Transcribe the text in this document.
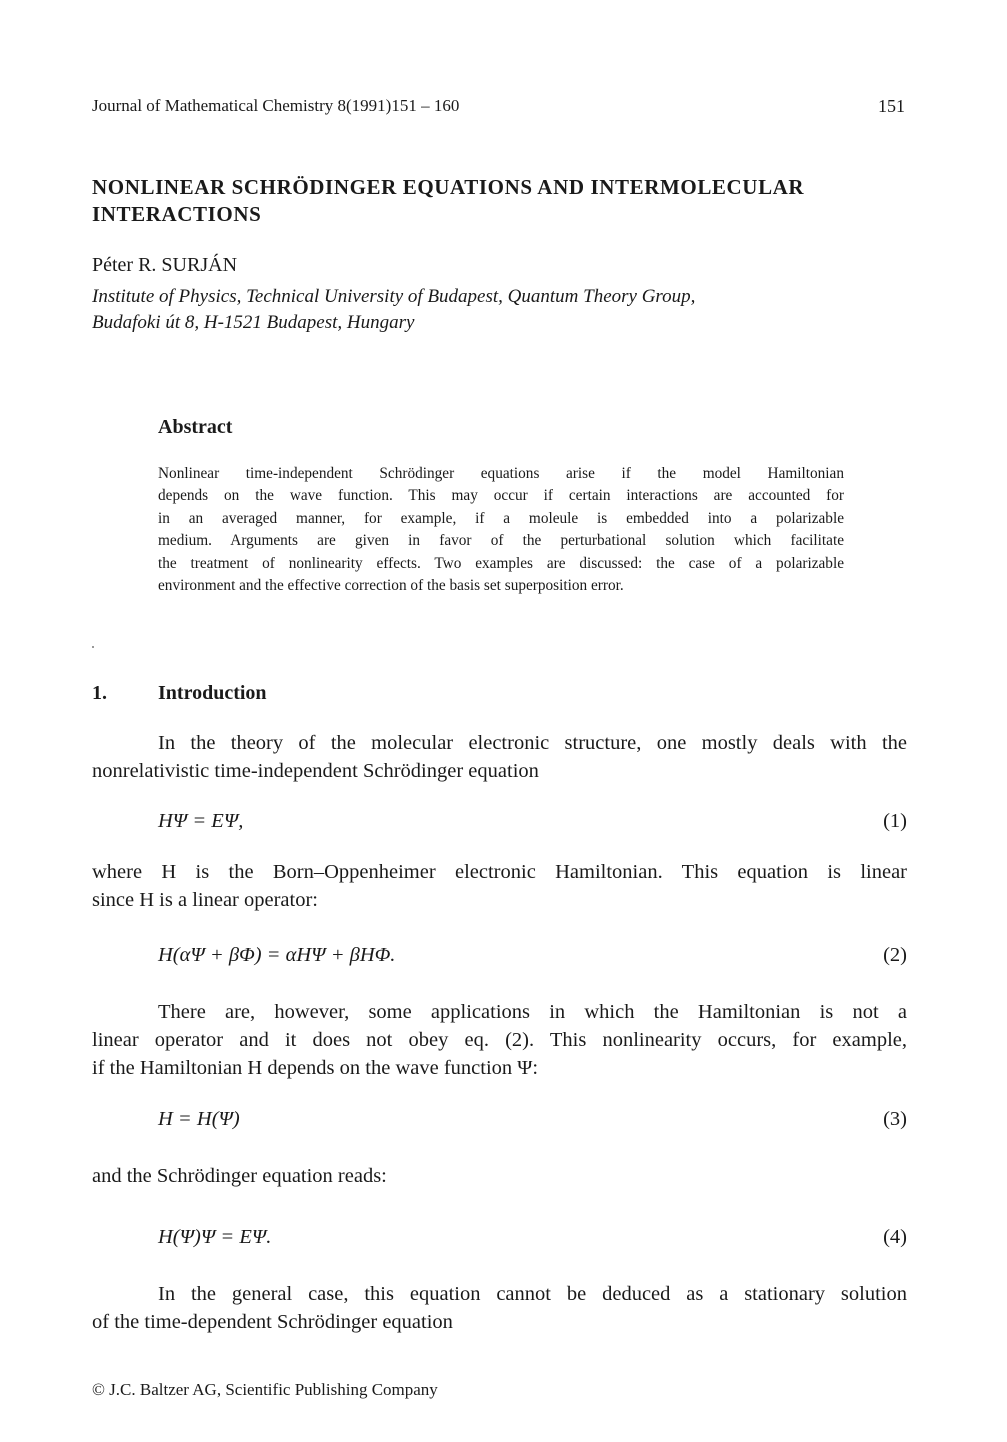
Journal of Mathematical Chemistry 8(1991)151 – 160	151
NONLINEAR SCHRÖDINGER EQUATIONS AND INTERMOLECULAR INTERACTIONS
Péter R. SURJÁN
Institute of Physics, Technical University of Budapest, Quantum Theory Group,
Budafoki út 8, H-1521 Budapest, Hungary
Abstract
Nonlinear time-independent Schrödinger equations arise if the model Hamiltonian
depends on the wave function. This may occur if certain interactions are accounted for
in an averaged manner, for example, if a moleule is embedded into a polarizable
medium. Arguments are given in favor of the perturbational solution which facilitate
the treatment of nonlinearity effects. Two examples are discussed: the case of a polarizable
environment and the effective correction of the basis set superposition error.
1.	Introduction
In the theory of the molecular electronic structure, one mostly deals with the
nonrelativistic time-independent Schrödinger equation
HΨ = EΨ,	(1)
where H is the Born–Oppenheimer electronic Hamiltonian. This equation is linear
since H is a linear operator:
H(αΨ + βΦ) = αHΨ + βHΦ.	(2)
There are, however, some applications in which the Hamiltonian is not a
linear operator and it does not obey eq. (2). This nonlinearity occurs, for example,
if the Hamiltonian H depends on the wave function Ψ:
H = H(Ψ)	(3)
and the Schrödinger equation reads:
H(Ψ)Ψ = EΨ.	(4)
In the general case, this equation cannot be deduced as a stationary solution
of the time-dependent Schrödinger equation
© J.C. Baltzer AG, Scientific Publishing Company
